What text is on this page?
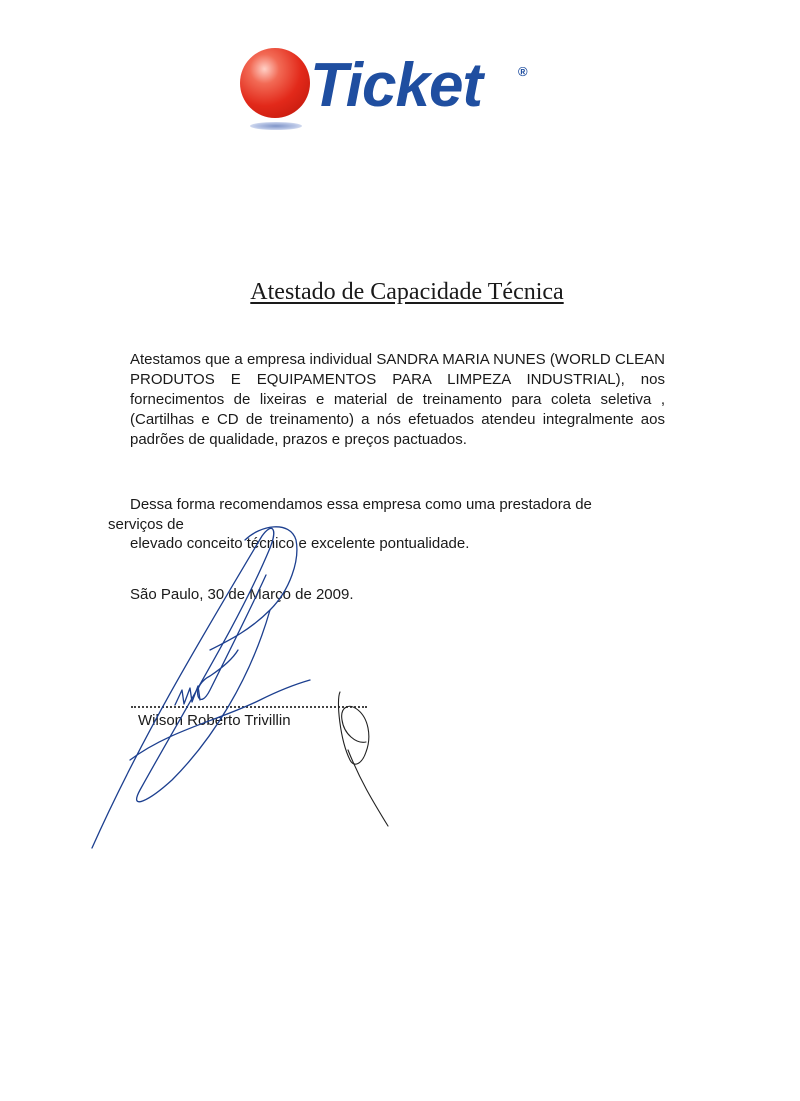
Ticket	®
Atestado de Capacidade Técnica
Atestamos que a empresa individual SANDRA MARIA NUNES (WORLD CLEAN PRODUTOS E EQUIPAMENTOS PARA LIMPEZA INDUSTRIAL), nos fornecimentos de lixeiras e material de treinamento para coleta seletiva ,(Cartilhas e CD de treinamento) a nós efetuados atendeu integralmente aos padrões de qualidade, prazos e preços pactuados.
Dessa forma recomendamos essa empresa como uma prestadora de
serviços de
elevado conceito técnico e excelente pontualidade.
São Paulo, 30 de Março de 2009.
Wilson Roberto Trivillin
